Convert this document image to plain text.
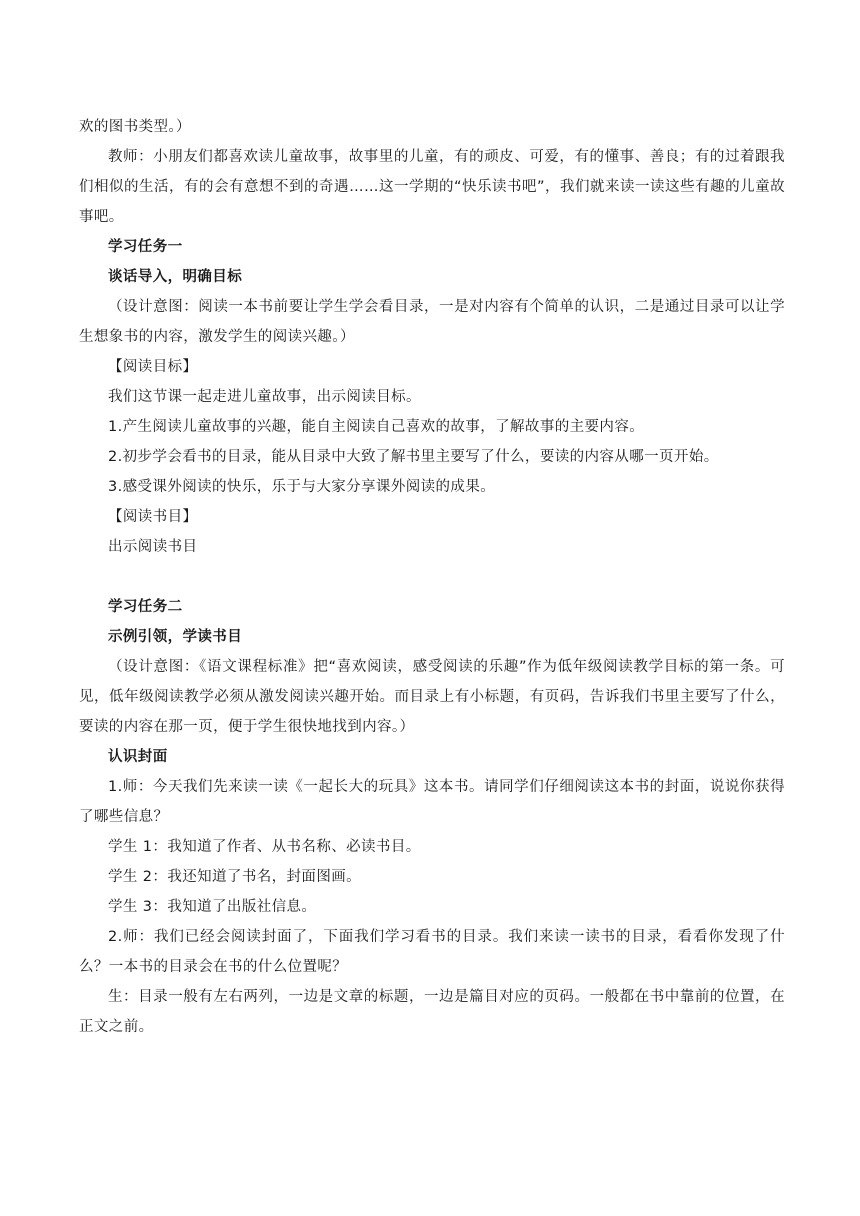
欢的图书类型。）

教师：小朋友们都喜欢读儿童故事，故事里的儿童，有的顽皮、可爱，有的懂事、善良；有的过着跟我们相似的生活，有的会有意想不到的奇遇……这一学期的“快乐读书吧”，我们就来读一读这些有趣的儿童故事吧。

学习任务一

谈话导入，明确目标

（设计意图：阅读一本书前要让学生学会看目录，一是对内容有个简单的认识，二是通过目录可以让学生想象书的内容，激发学生的阅读兴趣。）

【阅读目标】

我们这节课一起走进儿童故事，出示阅读目标。

1.产生阅读儿童故事的兴趣，能自主阅读自己喜欢的故事，了解故事的主要内容。

2.初步学会看书的目录，能从目录中大致了解书里主要写了什么，要读的内容从哪一页开始。

3.感受课外阅读的快乐，乐于与大家分享课外阅读的成果。

【阅读书目】

出示阅读书目

学习任务二

示例引领，学读书目

（设计意图：《语文课程标准》把“喜欢阅读，感受阅读的乐趣”作为低年级阅读教学目标的第一条。可见，低年级阅读教学必须从激发阅读兴趣开始。而目录上有小标题，有页码，告诉我们书里主要写了什么，要读的内容在那一页，便于学生很快地找到内容。）

认识封面

1.师：今天我们先来读一读《一起长大的玩具》这本书。请同学们仔细阅读这本书的封面，说说你获得了哪些信息？

学生 1：我知道了作者、从书名称、必读书目。

学生 2：我还知道了书名，封面图画。

学生 3：我知道了出版社信息。

2.师：我们已经会阅读封面了，下面我们学习看书的目录。我们来读一读书的目录，看看你发现了什么？一本书的目录会在书的什么位置呢？

生：目录一般有左右两列，一边是文章的标题，一边是篇目对应的页码。一般都在书中靠前的位置，在正文之前。
